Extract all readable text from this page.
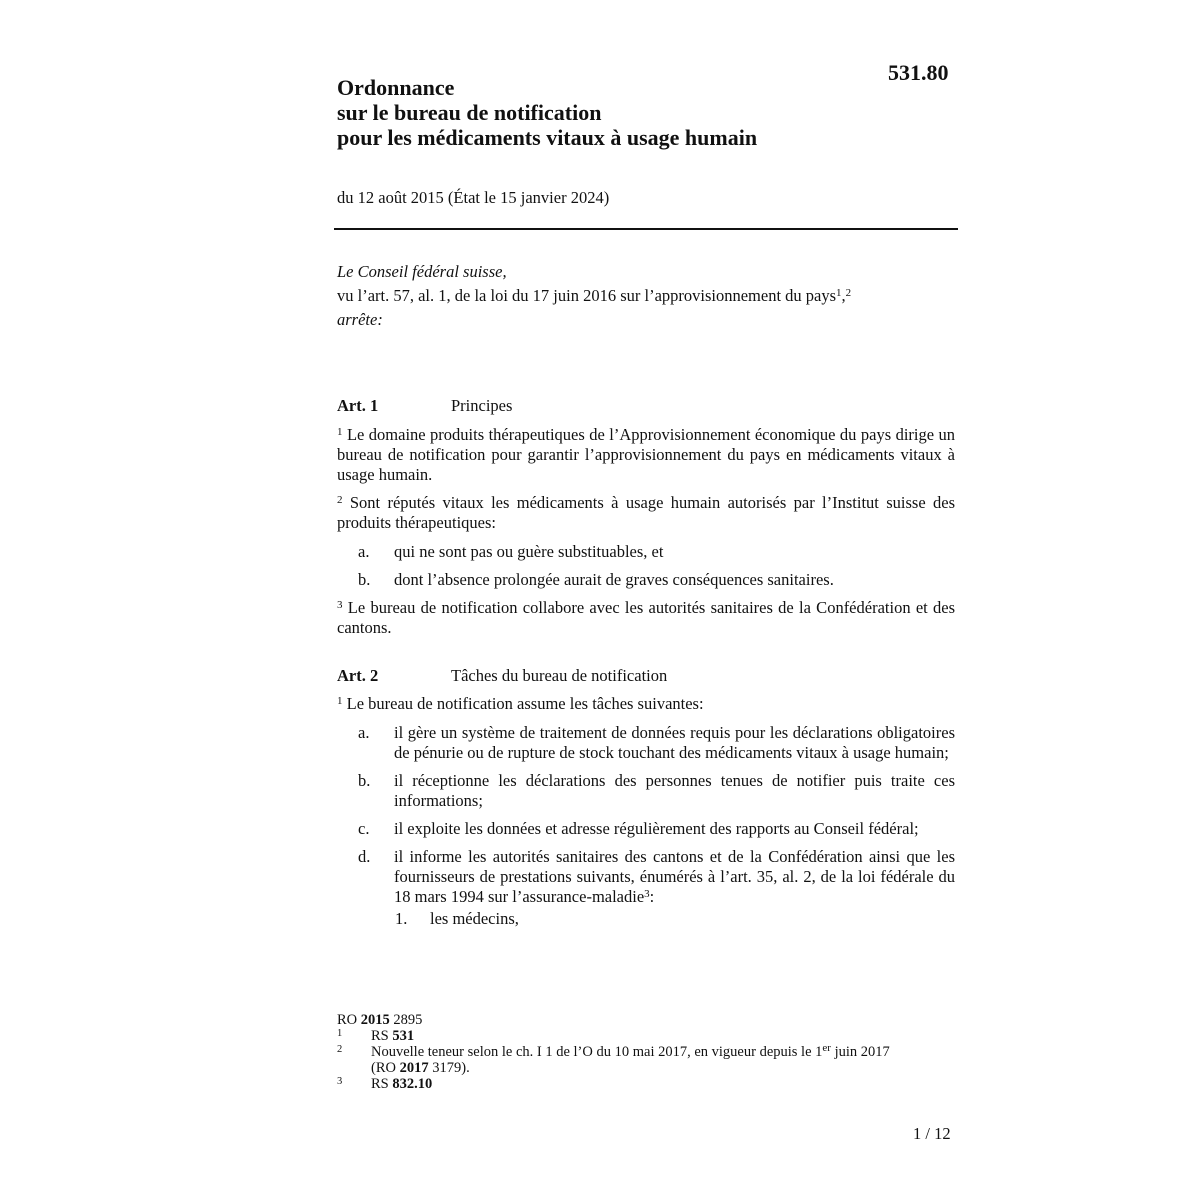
531.80
Ordonnance
sur le bureau de notification
pour les médicaments vitaux à usage humain
du 12 août 2015 (État le 15 janvier 2024)
Le Conseil fédéral suisse,
vu l’art. 57, al. 1, de la loi du 17 juin 2016 sur l’approvisionnement du pays$^1$,$^2$
arrête:
Art. 1	Principes
$^1$ Le domaine produits thérapeutiques de l’Approvisionnement économique du pays dirige un bureau de notification pour garantir l’approvisionnement du pays en médicaments vitaux à usage humain.
$^2$ Sont réputés vitaux les médicaments à usage humain autorisés par l’Institut suisse des produits thérapeutiques:
a. qui ne sont pas ou guère substituables, et
b. dont l’absence prolongée aurait de graves conséquences sanitaires.
$^3$ Le bureau de notification collabore avec les autorités sanitaires de la Confédération et des cantons.
Art. 2	Tâches du bureau de notification
$^1$ Le bureau de notification assume les tâches suivantes:
a. il gère un système de traitement de données requis pour les déclarations obligatoires de pénurie ou de rupture de stock touchant des médicaments vitaux à usage humain;
b. il réceptionne les déclarations des personnes tenues de notifier puis traite ces informations;
c. il exploite les données et adresse régulièrement des rapports au Conseil fédéral;
d. il informe les autorités sanitaires des cantons et de la Confédération ainsi que les fournisseurs de prestations suivants, énumérés à l’art. 35, al. 2, de la loi fédérale du 18 mars 1994 sur l’assurance-maladie$^3$:
1. les médecins,
RO 2015 2895
1 RS 531
2 Nouvelle teneur selon le ch. I 1 de l’O du 10 mai 2017, en vigueur depuis le 1er juin 2017
(RO 2017 3179).
3 RS 832.10
1 / 12
